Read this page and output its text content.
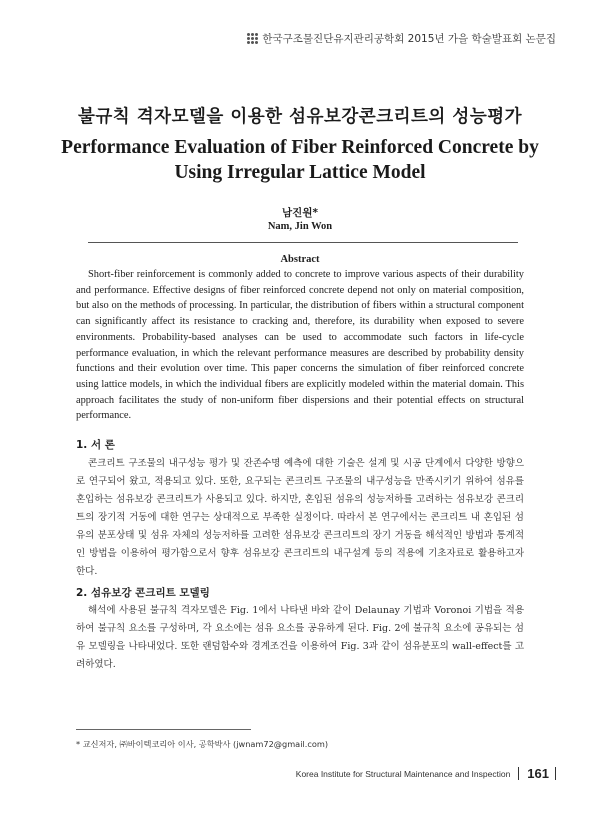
한국구조물진단유지관리공학회 2015년 가을 학술발표회 논문집
불규칙 격자모델을 이용한 섬유보강콘크리트의 성능평가
Performance Evaluation of Fiber Reinforced Concrete by Using Irregular Lattice Model
남진원*
Nam, Jin Won
Abstract
Short-fiber reinforcement is commonly added to concrete to improve various aspects of their durability and performance. Effective designs of fiber reinforced concrete depend not only on material composition, but also on the methods of processing. In particular, the distribution of fibers within a structural component can significantly affect its resistance to cracking and, therefore, its durability when exposed to severe environments. Probability-based analyses can be used to accommodate such factors in life-cycle performance evaluation, in which the relevant performance measures are described by probability density functions and their evolution over time. This paper concerns the simulation of fiber reinforced concrete using lattice models, in which the individual fibers are explicitly modeled within the material domain. This approach facilitates the study of non-uniform fiber dispersions and their potential effects on structural performance.
1. 서 론
콘크리트 구조물의 내구성능 평가 및 잔존수명 예측에 대한 기술은 설계 및 시공 단계에서 다양한 방향으로 연구되어 왔고, 적용되고 있다. 또한, 요구되는 콘크리트 구조물의 내구성능을 만족시키기 위하여 섬유를 혼입하는 섬유보강 콘크리트가 사용되고 있다. 하지만, 혼입된 섬유의 성능저하를 고려하는 섬유보강 콘크리트의 장기적 거동에 대한 연구는 상대적으로 부족한 실정이다. 따라서 본 연구에서는 콘크리트 내 혼입된 섬유의 분포상태 및 섬유 자체의 성능저하를 고려한 섬유보강 콘크리트의 장기 거동을 해석적인 방법과 통계적인 방법을 이용하여 평가함으로서 향후 섬유보강 콘크리트의 내구설계 등의 적용에 기초자료로 활용하고자 한다.
2. 섬유보강 콘크리트 모델링
해석에 사용된 불규칙 격자모델은 Fig. 1에서 나타낸 바와 같이 Delaunay 기법과 Voronoi 기법을 적용하여 불규칙 요소를 구성하며, 각 요소에는 섬유 요소를 공유하게 된다. Fig. 2에 불규칙 요소에 공유되는 섬유 모델링을 나타내었다. 또한 랜덤함수와 경계조건을 이용하여 Fig. 3과 같이 섬유분포의 wall-effect를 고려하였다.
* 교신저자, ㈜바이텍코리아 이사, 공학박사 (jwnam72@gmail.com)
Korea Institute for Structural Maintenance and Inspection 161
